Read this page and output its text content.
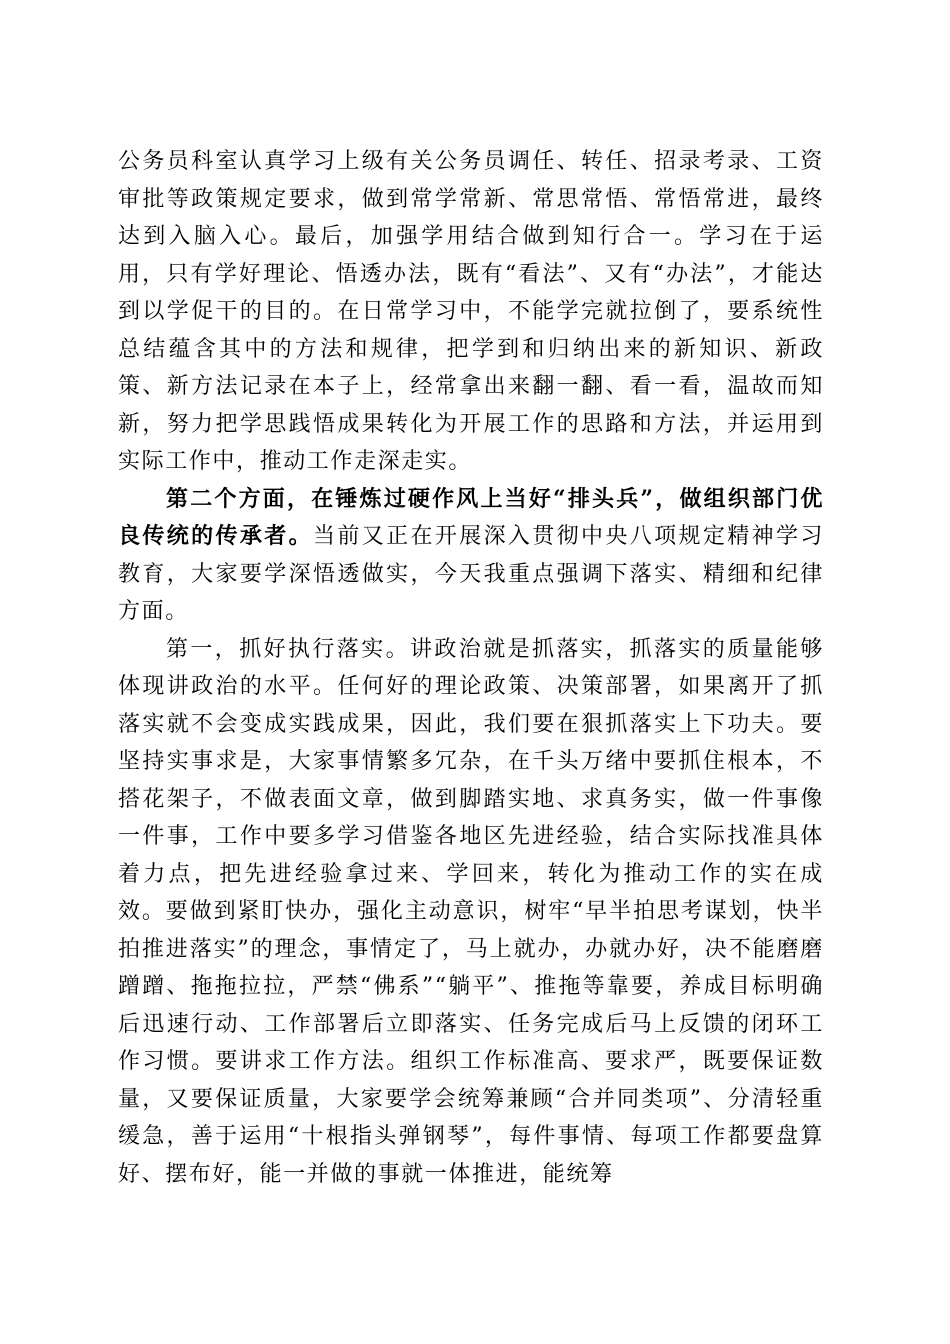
公务员科室认真学习上级有关公务员调任、转任、招录考录、工资审批等政策规定要求，做到常学常新、常思常悟、常悟常进，最终达到入脑入心。最后，加强学用结合做到知行合一。学习在于运用，只有学好理论、悟透办法，既有“看法”、又有“办法”，才能达到以学促干的目的。在日常学习中，不能学完就拉倒了，要系统性总结蕴含其中的方法和规律，把学到和归纳出来的新知识、新政策、新方法记录在本子上，经常拿出来翻一翻、看一看，温故而知新，努力把学思践悟成果转化为开展工作的思路和方法，并运用到实际工作中，推动工作走深走实。

第二个方面，在锤炼过硬作风上当好“排头兵”，做组织部门优良传统的传承者。当前又正在开展深入贯彻中央八项规定精神学习教育，大家要学深悟透做实，今天我重点强调下落实、精细和纪律方面。

第一，抓好执行落实。讲政治就是抓落实，抓落实的质量能够体现讲政治的水平。任何好的理论政策、决策部署，如果离开了抓落实就不会变成实践成果，因此，我们要在狠抓落实上下功夫。要坚持实事求是，大家事情繁多冗杂，在千头万绪中要抓住根本，不搭花架子，不做表面文章，做到脚踏实地、求真务实，做一件事像一件事，工作中要多学习借鉴各地区先进经验，结合实际找准具体着力点，把先进经验拿过来、学回来，转化为推动工作的实在成效。要做到紧盯快办，强化主动意识，树牢“早半拍思考谋划，快半拍推进落实”的理念，事情定了，马上就办，办就办好，决不能磨磨蹭蹭、拖拖拉拉，严禁“佛系”“躺平”、推拖等靠要，养成目标明确后迅速行动、工作部署后立即落实、任务完成后马上反馈的闭环工作习惯。要讲求工作方法。组织工作标准高、要求严，既要保证数量，又要保证质量，大家要学会统筹兼顾“合并同类项”、分清轻重缓急，善于运用“十根指头弹钢琴”，每件事情、每项工作都要盘算好、摆布好，能一并做的事就一体推进，能统筹
